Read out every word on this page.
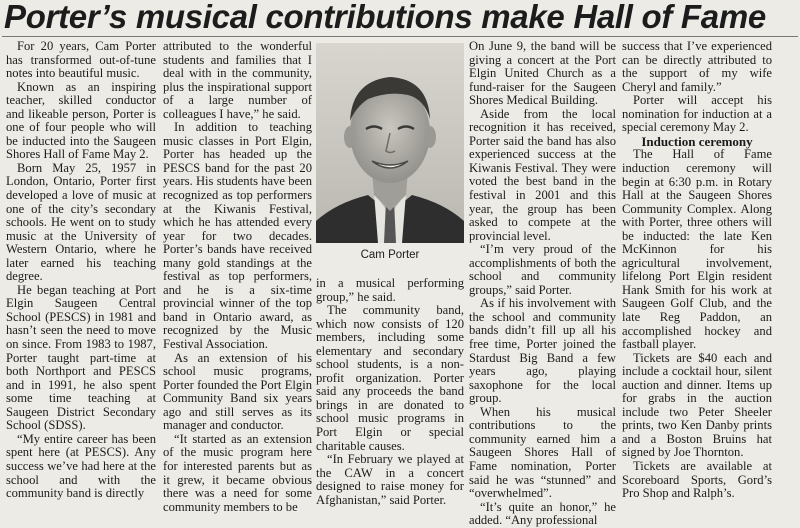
Porter’s musical contributions make Hall of Fame

For 20 years, Cam Porter has transformed out-of-tune notes into beautiful music.

Known as an inspiring teacher, skilled conductor and likeable person, Porter is one of four people who will be inducted into the Saugeen Shores Hall of Fame May 2.

Born May 25, 1957 in London, Ontario, Porter first developed a love of music at one of the city’s secondary schools. He went on to study music at the University of Western Ontario, where he later earned his teaching degree.

He began teaching at Port Elgin Saugeen Central School (PESCS) in 1981 and hasn’t seen the need to move on since. From 1983 to 1987, Porter taught part-time at both Northport and PESCS and in 1991, he also spent some time teaching at Saugeen District Secondary School (SDSS).

“My entire career has been spent here (at PESCS). Any success we’ve had here at the school and with the community band is directly

attributed to the wonderful students and families that I deal with in the community, plus the inspirational support of a large number of colleagues I have,” he said.

In addition to teaching music classes in Port Elgin, Porter has headed up the PESCS band for the past 20 years. His students have been recognized as top performers at the Kiwanis Festival, which he has attended every year for two decades. Porter’s bands have received many gold standings at the festival as top performers, and he is a six-time provincial winner of the top band in Ontario award, as recognized by the Music Festival Association.

As an extension of his school music programs, Porter founded the Port Elgin Community Band six years ago and still serves as its manager and conductor.

“It started as an extension of the music program here for interested parents but as it grew, it became obvious there was a need for some community members to be

Cam Porter

in a musical performing group,” he said.

The community band, which now consists of 120 members, including some elementary and secondary school students, is a non-profit organization. Porter said any proceeds the band brings in are donated to school music programs in Port Elgin or special charitable causes.

“In February we played at the CAW in a concert designed to raise money for Afghanistan,” said Porter.

On June 9, the band will be giving a concert at the Port Elgin United Church as a fund-raiser for the Saugeen Shores Medical Building.

Aside from the local recognition it has received, Porter said the band has also experienced success at the Kiwanis Festival. They were voted the best band in the festival in 2001 and this year, the group has been asked to compete at the provincial level.

“I’m very proud of the accomplishments of both the school and community groups,” said Porter.

As if his involvement with the school and community bands didn’t fill up all his free time, Porter joined the Stardust Big Band a few years ago, playing saxophone for the local group.

When his musical contributions to the community earned him a Saugeen Shores Hall of Fame nomination, Porter said he was “stunned” and “overwhelmed”.

“It’s quite an honor,” he added. “Any professional

success that I’ve experienced can be directly attributed to the support of my wife Cheryl and family.”

Porter will accept his nomination for induction at a special ceremony May 2.

Induction ceremony

The Hall of Fame induction ceremony will begin at 6:30 p.m. in Rotary Hall at the Saugeen Shores Community Complex. Along with Porter, three others will be inducted: the late Ken McKinnon for his agricultural involvement, lifelong Port Elgin resident Hank Smith for his work at Saugeen Golf Club, and the late Reg Paddon, an accomplished hockey and fastball player.

Tickets are $40 each and include a cocktail hour, silent auction and dinner. Items up for grabs in the auction include two Peter Sheeler prints, two Ken Danby prints and a Boston Bruins hat signed by Joe Thornton.

Tickets are available at Scoreboard Sports, Gord’s Pro Shop and Ralph’s.
